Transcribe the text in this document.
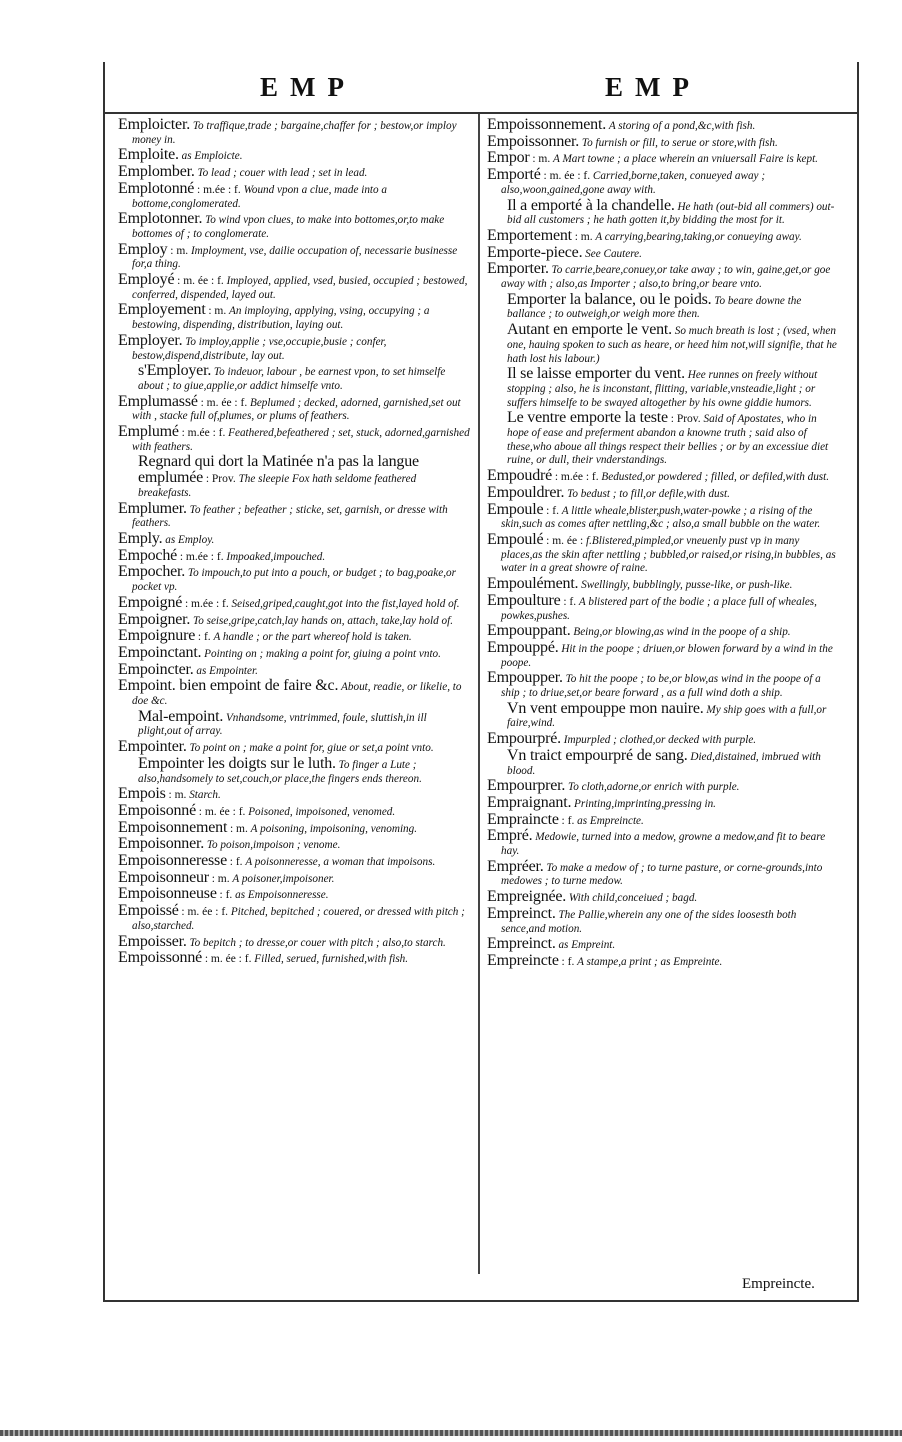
EMP	EMP
Emploicter. To traffique,trade ; bargaine,chaffer for ; bestow,or imploy money in.
Emploite. as Emploicte.
Emplomber. To lead ; couer with lead ; set in lead.
Emplotonné : m.ée : f. Wound vpon a clue, made into a bottome,conglomerated.
Emplotonner. To wind vpon clues, to make into bottomes,or,to make bottomes of ; to conglomerate.
Employ : m. Imployment, vse, dailie occupation of, necessarie businesse for,a thing.
Employé : m. ée : f. Imployed, applied, vsed, busied, occupied ; bestowed, conferred, dispended, layed out.
Employement : m. An imploying, applying, vsing, occupying ; a bestowing, dispending, distribution, laying out.
Employer. To imploy,applie ; vse,occupie,busie ; confer, bestow,dispend,distribute, lay out.
s'Employer. To indeuor, labour , be earnest vpon, to set himselfe about ; to giue,applie,or addict himselfe vnto.
Emplumassé : m. ée : f. Beplumed ; decked, adorned, garnished,set out with , stacke full of,plumes, or plums of feathers.
Emplumé : m.ée : f. Feathered,befeathered ; set, stuck, adorned,garnished with feathers.
Regnard qui dort la Matinée n'a pas la langue emplumée : Prov. The sleepie Fox hath seldome feathered breakefasts.
Emplumer. To feather ; befeather ; sticke, set, garnish, or dresse with feathers.
Emply. as Employ.
Empoché : m.ée : f. Impoaked,impouched.
Empocher. To impouch,to put into a pouch, or budget ; to bag,poake,or pocket vp.
Empoigné : m.ée : f. Seised,griped,caught,got into the fist,layed hold of.
Empoigner. To seise,gripe,catch,lay hands on, attach, take,lay hold of.
Empoignure : f. A handle ; or the part whereof hold is taken.
Empoinctant. Pointing on ; making a point for, giuing a point vnto.
Empoincter. as Empointer.
Empoint. bien empoint de faire &c. About, readie, or likelie, to doe &c.
Mal-empoint. Vnhandsome, vntrimmed, foule, sluttish,in ill plight,out of array.
Empointer. To point on ; make a point for, giue or set,a point vnto.
Empointer les doigts sur le luth. To finger a Lute ; also,handsomely to set,couch,or place,the fingers ends thereon.
Empois : m. Starch.
Empoisonné : m. ée : f. Poisoned, impoisoned, venomed.
Empoisonnement : m. A poisoning, impoisoning, venoming.
Empoisonner. To poison,impoison ; venome.
Empoisonneresse : f. A poisonneresse, a woman that impoisons.
Empoisonneur : m. A poisoner,impoisoner.
Empoisonneuse : f. as Empoisonneresse.
Empoissé : m. ée : f. Pitched, bepitched ; couered, or dressed with pitch ; also,starched.
Empoisser. To bepitch ; to dresse,or couer with pitch ; also,to starch.
Empoissonné : m. ée : f. Filled, serued, furnished,with fish.
Empoissonnement. A storing of a pond,&c,with fish.
Empoissonner. To furnish or fill, to serue or store,with fish.
Empor : m. A Mart towne ; a place wherein an vniuersall Faire is kept.
Emporté : m. ée : f. Carried,borne,taken, conueyed away ; also,woon,gained,gone away with.
Il a emporté à la chandelle. He hath (out-bid all commers) out-bid all customers ; he hath gotten it,by bidding the most for it.
Emportement : m. A carrying,bearing,taking,or conueying away.
Emporte-piece. See Cautere.
Emporter. To carrie,beare,conuey,or take away ; to win, gaine,get,or goe away with ; also,as Importer ; also,to bring,or beare vnto.
Emporter la balance, ou le poids. To beare downe the ballance ; to outweigh,or weigh more then.
Autant en emporte le vent. So much breath is lost ; (vsed, when one, hauing spoken to such as heare, or heed him not,will signifie, that he hath lost his labour.)
Il se laisse emporter du vent. Hee runnes on freely without stopping ; also, he is inconstant, flitting, variable,vnsteadie,light ; or suffers himselfe to be swayed altogether by his owne giddie humors.
Le ventre emporte la teste : Prov. Said of Apostates, who in hope of ease and preferment abandon a knowne truth ; said also of these,who aboue all things respect their bellies ; or by an excessiue diet ruine, or dull, their vnderstandings.
Empoudré : m.ée : f. Bedusted,or powdered ; filled, or defiled,with dust.
Empouldrer. To bedust ; to fill,or defile,with dust.
Empoule : f. A little wheale,blister,push,water-powke ; a rising of the skin,such as comes after nettling,&c ; also,a small bubble on the water.
Empoulé : m. ée : f.Blistered,pimpled,or vneuenly pust vp in many places,as the skin after nettling ; bubbled,or raised,or rising,in bubbles, as water in a great showre of raine.
Empoulément. Swellingly, bubblingly, pusse-like, or push-like.
Empoulture : f. A blistered part of the bodie ; a place full of wheales, powkes,pushes.
Empouppant. Being,or blowing,as wind in the poope of a ship.
Empouppé. Hit in the poope ; driuen,or blowen forward by a wind in the poope.
Empoupper. To hit the poope ; to be,or blow,as wind in the poope of a ship ; to driue,set,or beare forward , as a full wind doth a ship.
Vn vent empouppe mon nauire. My ship goes with a full,or faire,wind.
Empourpré. Impurpled ; clothed,or decked with purple.
Vn traict empourpré de sang. Died,distained, imbrued with blood.
Empourprer. To cloth,adorne,or enrich with purple.
Empraignant. Printing,imprinting,pressing in.
Empraincte : f. as Empreincte.
Empré. Medowie, turned into a medow, growne a medow,and fit to beare hay.
Empréer. To make a medow of ; to turne pasture, or corne-grounds,into medowes ; to turne medow.
Empreignée. With child,conceiued ; bagd.
Empreinct. The Pallie,wherein any one of the sides loosesth both sence,and motion.
Empreinct. as Empreint.
Empreincte : f. A stampe,a print ; as Empreinte.
Empreincte.
